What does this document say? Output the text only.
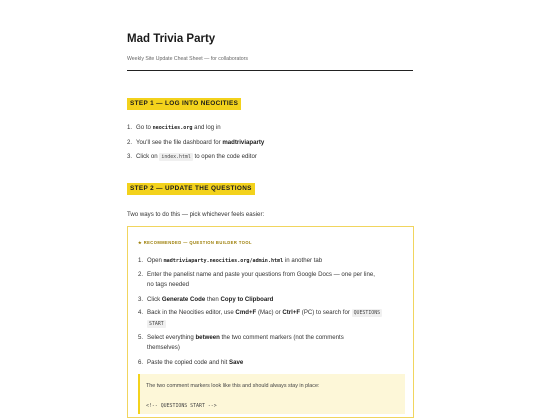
Mad Trivia Party
Weekly Site Update Cheat Sheet — for collaborators
STEP 1 — LOG INTO NEOCITIES
1. Go to neocities.org and log in
2. You'll see the file dashboard for madtriviaparty
3. Click on index.html to open the code editor
STEP 2 — UPDATE THE QUESTIONS
Two ways to do this — pick whichever feels easier:
★ RECOMMENDED — QUESTION BUILDER TOOL
1. Open madtriviaparty.neocities.org/admin.html in another tab
2. Enter the panelist name and paste your questions from Google Docs — one per line,
no tags needed
3. Click Generate Code then Copy to Clipboard
4. Back in the Neocities editor, use Cmd+F (Mac) or Ctrl+F (PC) to search for QUESTIONS
START
5. Select everything between the two comment markers (not the comments
themselves)
6. Paste the copied code and hit Save
The two comment markers look like this and should always stay in place:
<!-- QUESTIONS START -->
